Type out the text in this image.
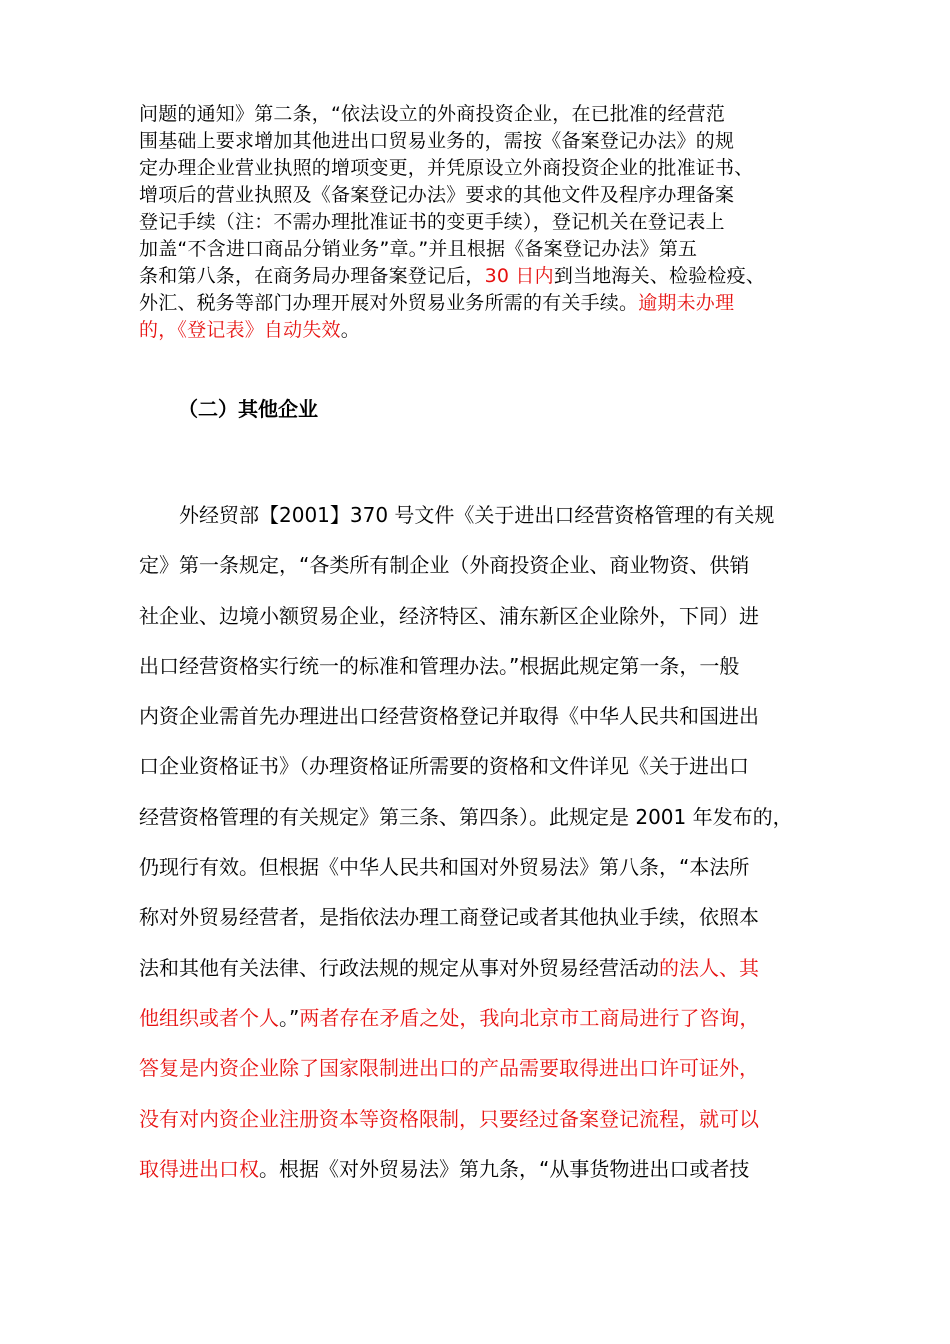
问题的通知》第二条，“依法设立的外商投资企业，在已批准的经营范
围基础上要求增加其他进出口贸易业务的，需按《备案登记办法》的规
定办理企业营业执照的增项变更，并凭原设立外商投资企业的批准证书、
增项后的营业执照及《备案登记办法》要求的其他文件及程序办理备案
登记手续（注：不需办理批准证书的变更手续），登记机关在登记表上
加盖“不含进口商品分销业务”章。”并且根据《备案登记办法》第五
条和第八条，在商务局办理备案登记后，30 日内到当地海关、检验检疫、
外汇、税务等部门办理开展对外贸易业务所需的有关手续。逾期未办理
的，《登记表》自动失效。
（二）其他企业
　　外经贸部【2001】370 号文件《关于进出口经营资格管理的有关规
定》第一条规定，“各类所有制企业（外商投资企业、商业物资、供销
社企业、边境小额贸易企业，经济特区、浦东新区企业除外，下同）进
出口经营资格实行统一的标准和管理办法。”根据此规定第一条，一般
内资企业需首先办理进出口经营资格登记并取得《中华人民共和国进出
口企业资格证书》（办理资格证所需要的资格和文件详见《关于进出口
经营资格管理的有关规定》第三条、第四条）。此规定是 2001 年发布的，
仍现行有效。但根据《中华人民共和国对外贸易法》第八条，“本法所
称对外贸易经营者，是指依法办理工商登记或者其他执业手续，依照本
法和其他有关法律、行政法规的规定从事对外贸易经营活动的法人、其
他组织或者个人。”两者存在矛盾之处，我向北京市工商局进行了咨询，
答复是内资企业除了国家限制进出口的产品需要取得进出口许可证外，
没有对内资企业注册资本等资格限制，只要经过备案登记流程，就可以
取得进出口权。根据《对外贸易法》第九条，“从事货物进出口或者技
